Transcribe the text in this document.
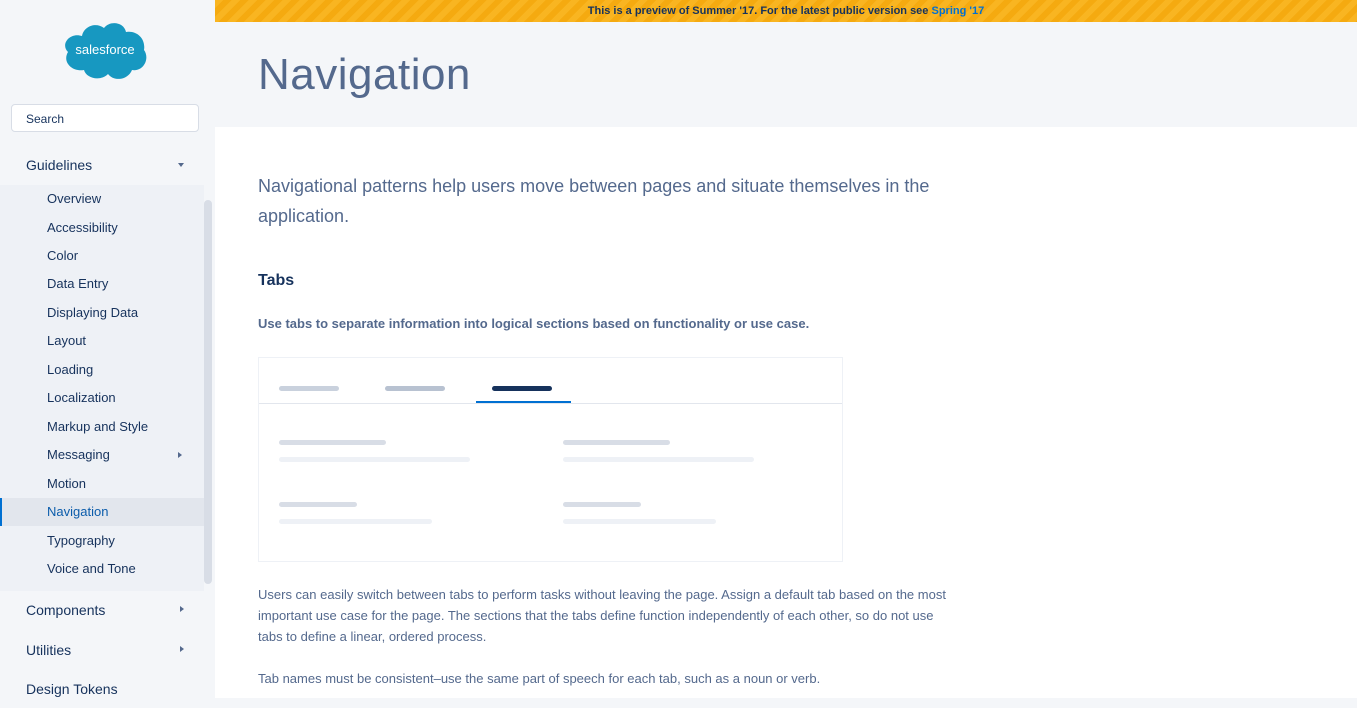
salesforce
Search
Guidelines
Overview
Accessibility
Color
Data Entry
Displaying Data
Layout
Loading
Localization
Markup and Style
Messaging
Motion
Navigation
Typography
Voice and Tone
Components
Utilities
Design Tokens
This is a preview of Summer '17. For the latest public version see Spring '17
Navigation

Navigational patterns help users move between pages and situate themselves in the application.

Tabs

Use tabs to separate information into logical sections based on functionality or use case.

Users can easily switch between tabs to perform tasks without leaving the page. Assign a default tab based on the most important use case for the page. The sections that the tabs define function independently of each other, so do not use tabs to define a linear, ordered process.

Tab names must be consistent–use the same part of speech for each tab, such as a noun or verb.
